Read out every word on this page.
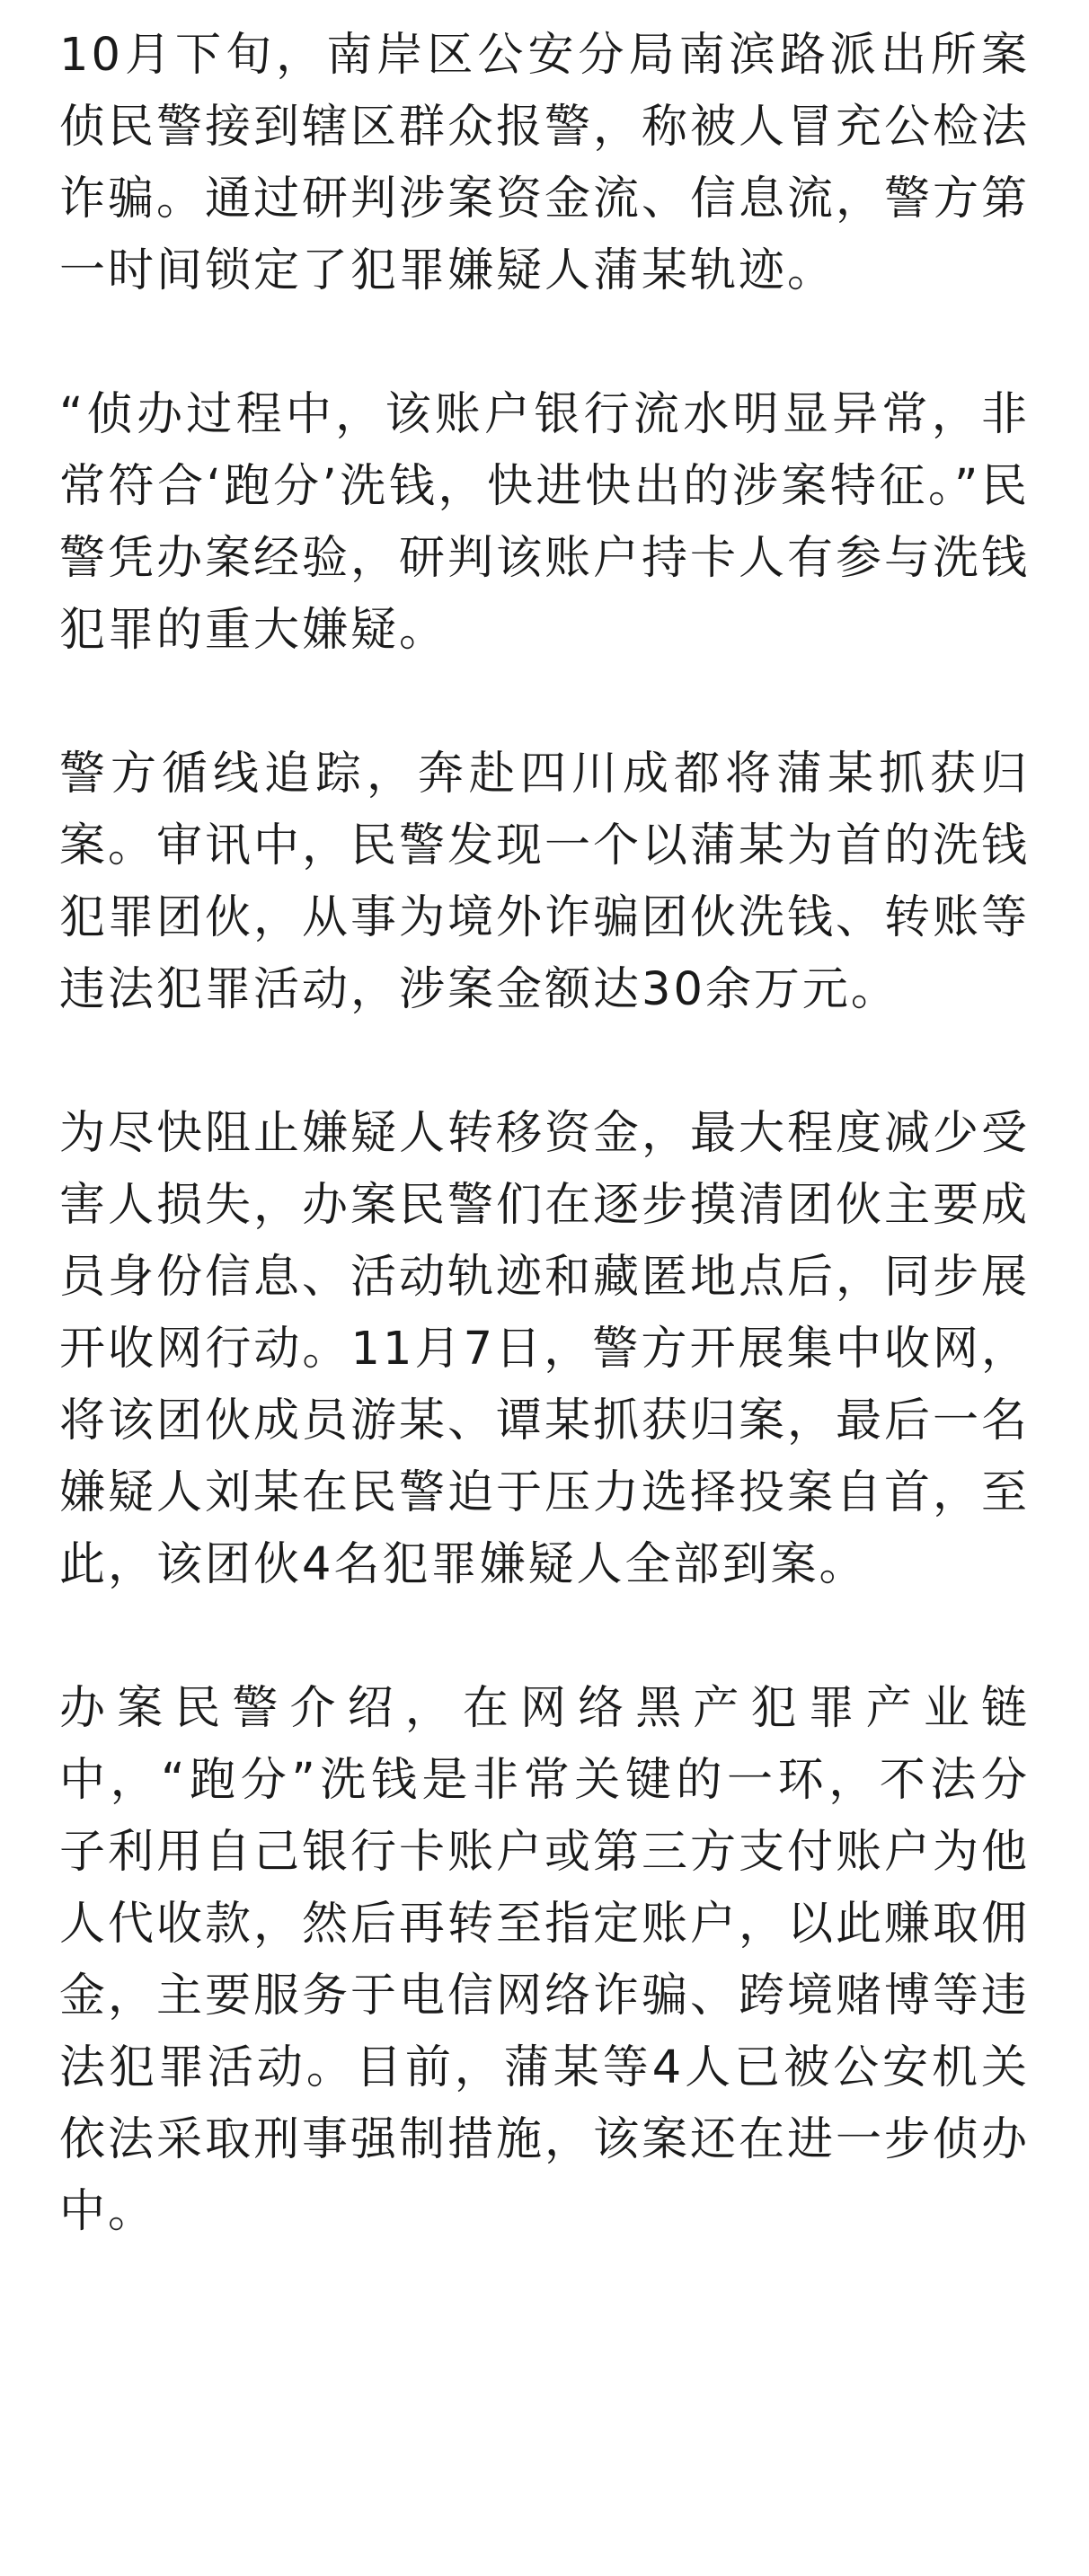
10月下旬，南岸区公安分局南滨路派出所案侦民警接到辖区群众报警，称被人冒充公检法诈骗。通过研判涉案资金流、信息流，警方第一时间锁定了犯罪嫌疑人蒲某轨迹。

“侦办过程中，该账户银行流水明显异常，非常符合‘跑分’洗钱，快进快出的涉案特征。”民警凭办案经验，研判该账户持卡人有参与洗钱犯罪的重大嫌疑。

警方循线追踪，奔赴四川成都将蒲某抓获归案。审讯中，民警发现一个以蒲某为首的洗钱犯罪团伙，从事为境外诈骗团伙洗钱、转账等违法犯罪活动，涉案金额达30余万元。

为尽快阻止嫌疑人转移资金，最大程度减少受害人损失，办案民警们在逐步摸清团伙主要成员身份信息、活动轨迹和藏匿地点后，同步展开收网行动。11月7日，警方开展集中收网，将该团伙成员游某、谭某抓获归案，最后一名嫌疑人刘某在民警迫于压力选择投案自首，至此，该团伙4名犯罪嫌疑人全部到案。

办案民警介绍，在网络黑产犯罪产业链中，“跑分”洗钱是非常关键的一环，不法分子利用自己银行卡账户或第三方支付账户为他人代收款，然后再转至指定账户，以此赚取佣金，主要服务于电信网络诈骗、跨境赌博等违法犯罪活动。目前，蒲某等4人已被公安机关依法采取刑事强制措施，该案还在进一步侦办中。
